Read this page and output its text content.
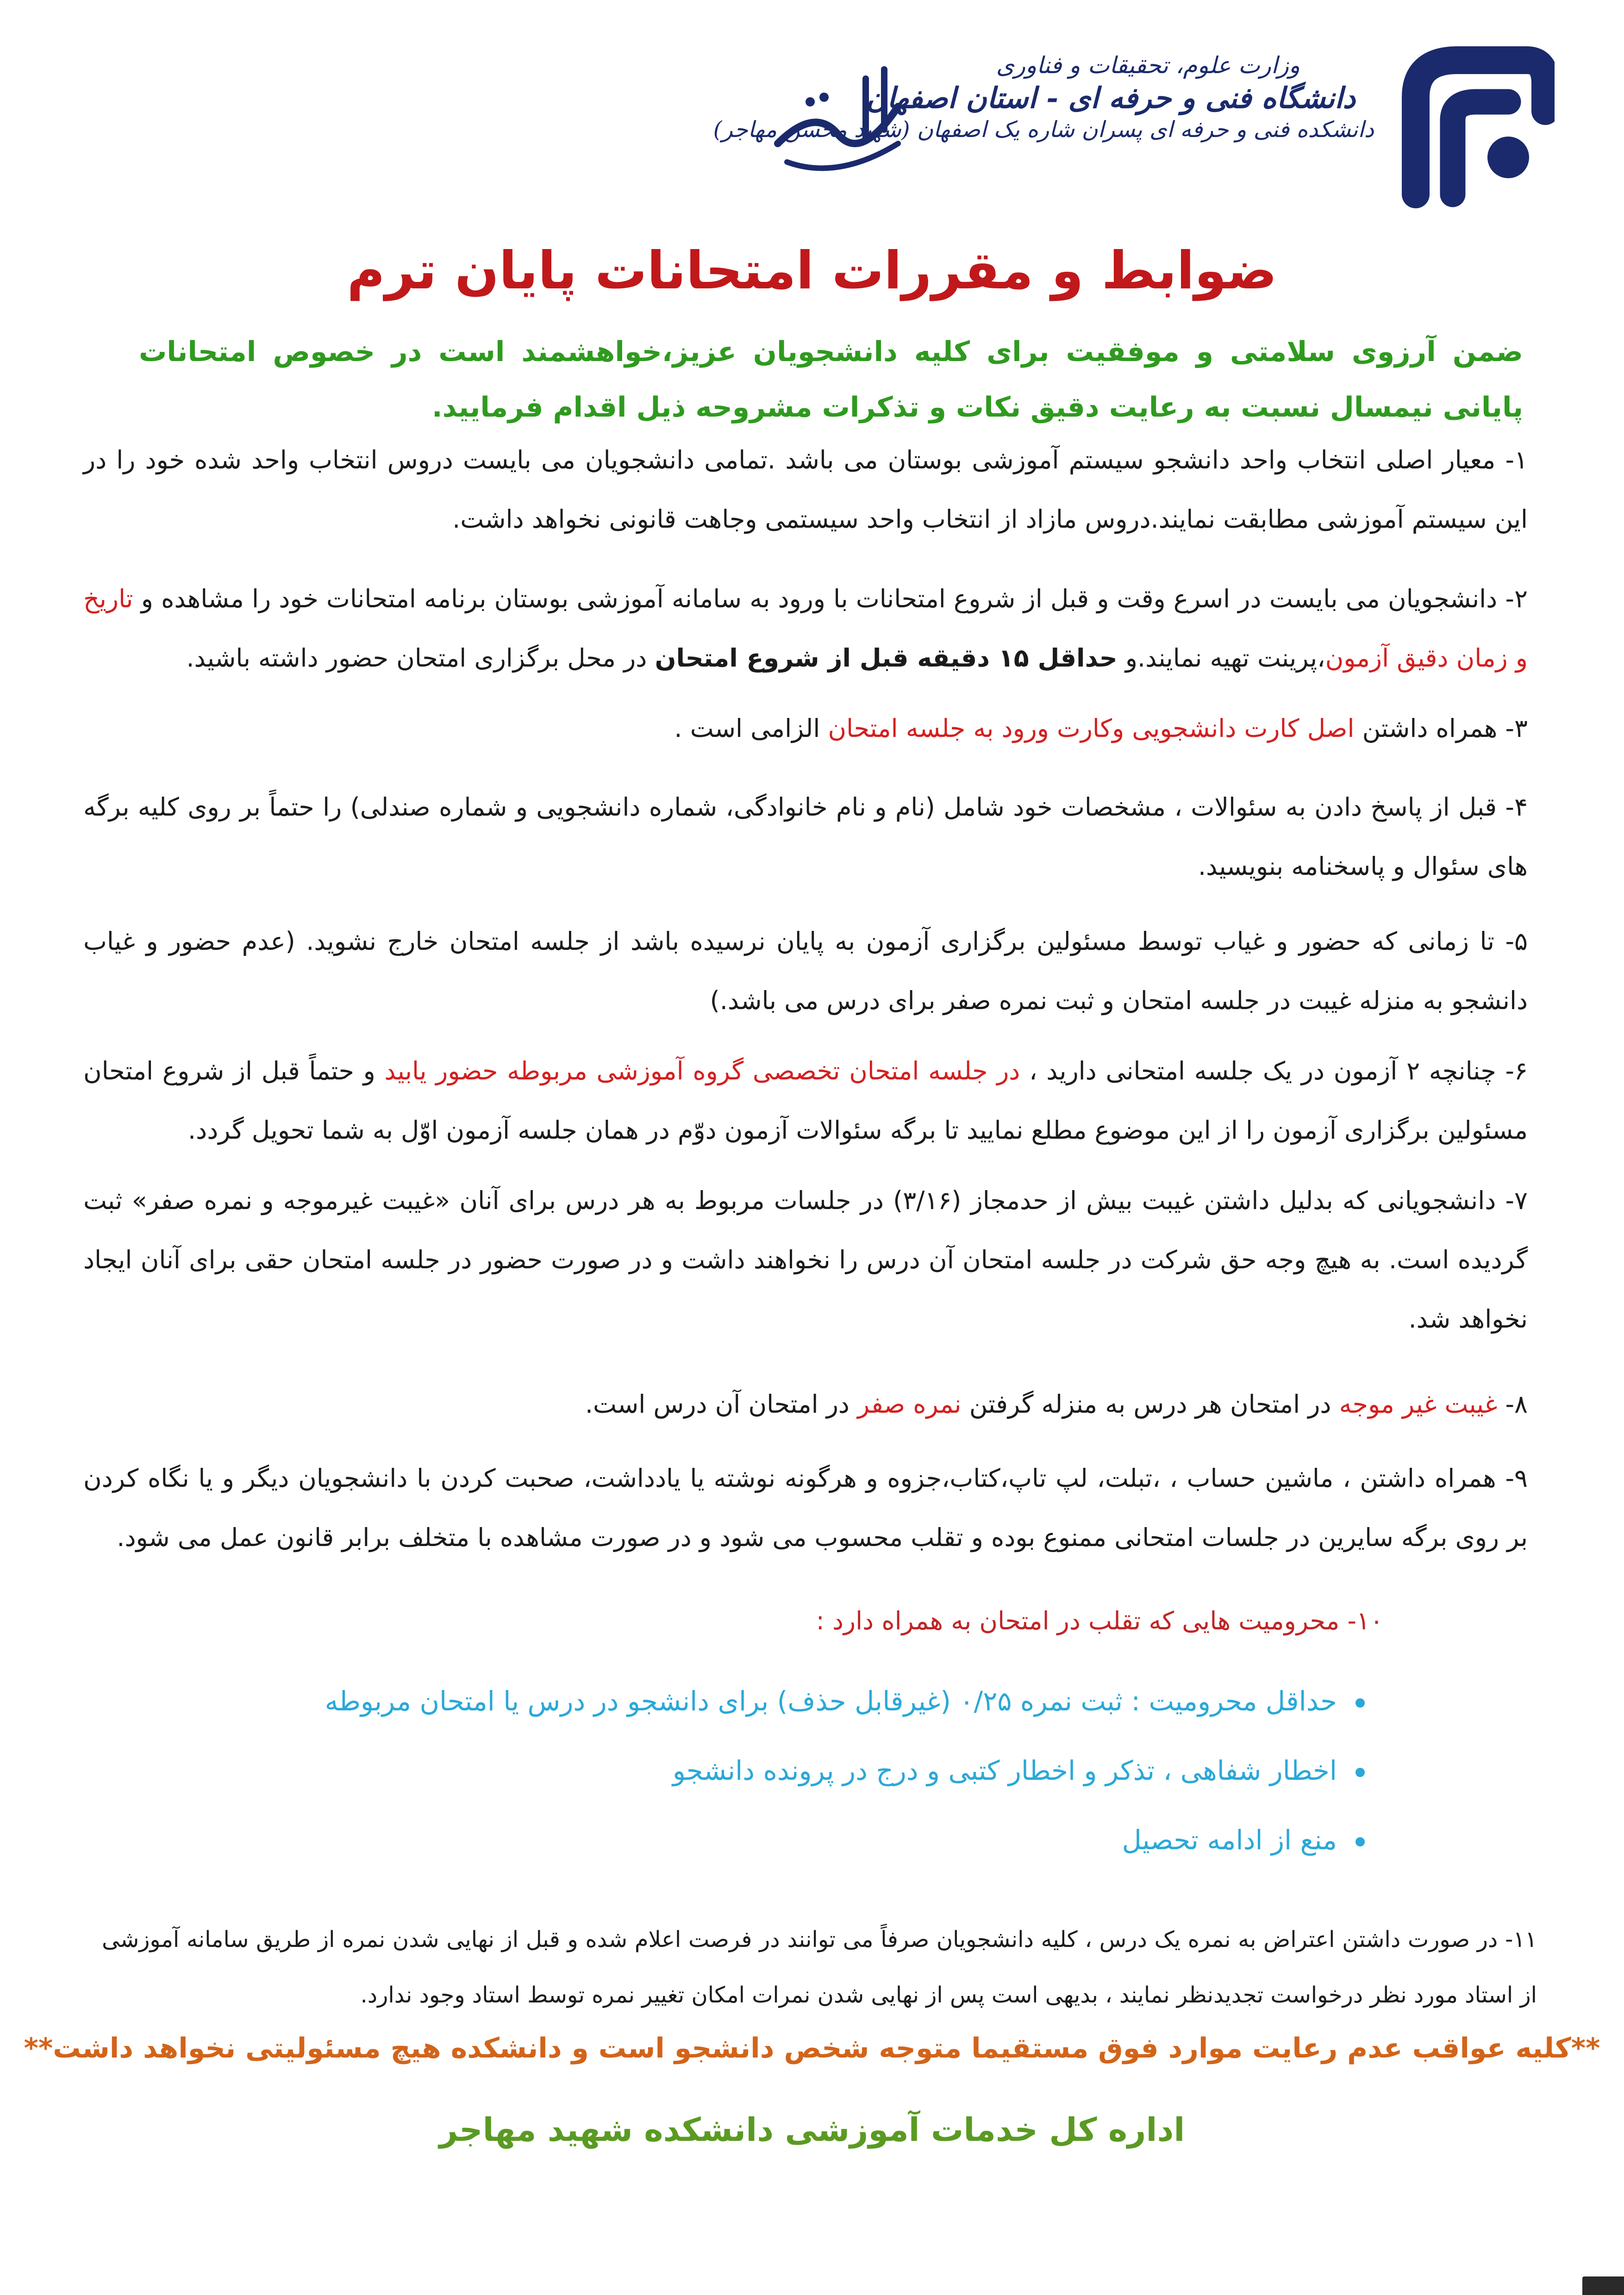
وزارت علوم، تحقیقات و فناوری
دانشگاه فنی و حرفه ای - استان اصفهان
دانشکده فنی و حرفه ای پسران شاره یک اصفهان (شهید محسن مهاجر)
ضوابط و مقررات امتحانات پایان ترم
ضمن آرزوی سلامتی و موفقیت برای کلیه دانشجویان عزیز،خواهشمند است در خصوص امتحانات پایانی نیمسال نسبت به رعایت دقیق نکات و تذکرات مشروحه ذیل اقدام فرمایید.

۱- معیار اصلی انتخاب واحد دانشجو سیستم آموزشی بوستان می باشد .تمامی دانشجویان می بایست دروس انتخاب واحد شده خود را در این سیستم آموزشی مطابقت نمایند.دروس مازاد از انتخاب واحد سیستمی وجاهت قانونی نخواهد داشت.

۲- دانشجویان می بایست در اسرع وقت و قبل از شروع امتحانات با ورود به سامانه آموزشی بوستان برنامه امتحانات خود را مشاهده و تاریخ و زمان دقیق آزمون،پرینت تهیه نمایند.و حداقل ۱۵ دقیقه قبل از شروع امتحان در محل برگزاری امتحان حضور داشته باشید.

۳- همراه داشتن اصل کارت دانشجویی وکارت ورود به جلسه امتحان الزامی است .

۴- قبل از پاسخ دادن به سئوالات ، مشخصات خود شامل (نام و نام خانوادگی، شماره دانشجویی و شماره صندلی) را حتماً بر روی کلیه برگه های سئوال و پاسخنامه بنویسید.

۵- تا زمانی که حضور و غیاب توسط مسئولین برگزاری آزمون به پایان نرسیده باشد از جلسه امتحان خارج نشوید. (عدم حضور و غیاب دانشجو به منزله غیبت در جلسه امتحان و ثبت نمره صفر برای درس می باشد.)

۶- چنانچه ۲ آزمون در یک جلسه امتحانی دارید ، در جلسه امتحان تخصصی گروه آموزشی مربوطه حضور یابید و حتماً قبل از شروع امتحان مسئولین برگزاری آزمون را از این موضوع مطلع نمایید تا برگه سئوالات آزمون دوّم در همان جلسه آزمون اوّل به شما تحویل گردد.

۷- دانشجویانی که بدلیل داشتن غیبت بیش از حدمجاز (۳/۱۶) در جلسات مربوط به هر درس برای آنان «غیبت غیرموجه و نمره صفر» ثبت گردیده است. به هیچ وجه حق شرکت در جلسه امتحان آن درس را نخواهند داشت و در صورت حضور در جلسه امتحان حقی برای آنان ایجاد نخواهد شد.

۸- غیبت غیر موجه در امتحان هر درس به منزله گرفتن نمره صفر در امتحان آن درس است.

۹- همراه داشتن ، ماشین حساب ، ،تبلت، لپ تاپ،کتاب،جزوه و هرگونه نوشته یا یادداشت، صحبت کردن با دانشجویان دیگر و یا نگاه کردن بر روی برگه سایرین در جلسات امتحانی ممنوع بوده و تقلب محسوب می شود و در صورت مشاهده با متخلف برابر قانون عمل می شود.

۱۰- محرومیت هایی که تقلب در امتحان به همراه دارد :
حداقل محرومیت : ثبت نمره ۰/۲۵ (غیرقابل حذف) برای دانشجو در درس یا امتحان مربوطه
اخطار شفاهی ، تذکر و اخطار کتبی و درج در پرونده دانشجو
منع از ادامه تحصیل

۱۱- در صورت داشتن اعتراض به نمره یک درس ، کلیه دانشجویان صرفاً می توانند در فرصت اعلام شده و قبل از نهایی شدن نمره از طریق سامانه آموزشی از استاد مورد نظر درخواست تجدیدنظر نمایند ، بدیهی است پس از نهایی شدن نمرات امکان تغییر نمره توسط استاد وجود ندارد.

**کلیه عواقب عدم رعایت موارد فوق مستقیما متوجه شخص دانشجو است و دانشکده هیچ مسئولیتی نخواهد داشت**
اداره کل خدمات آموزشی دانشکده شهید مهاجر
